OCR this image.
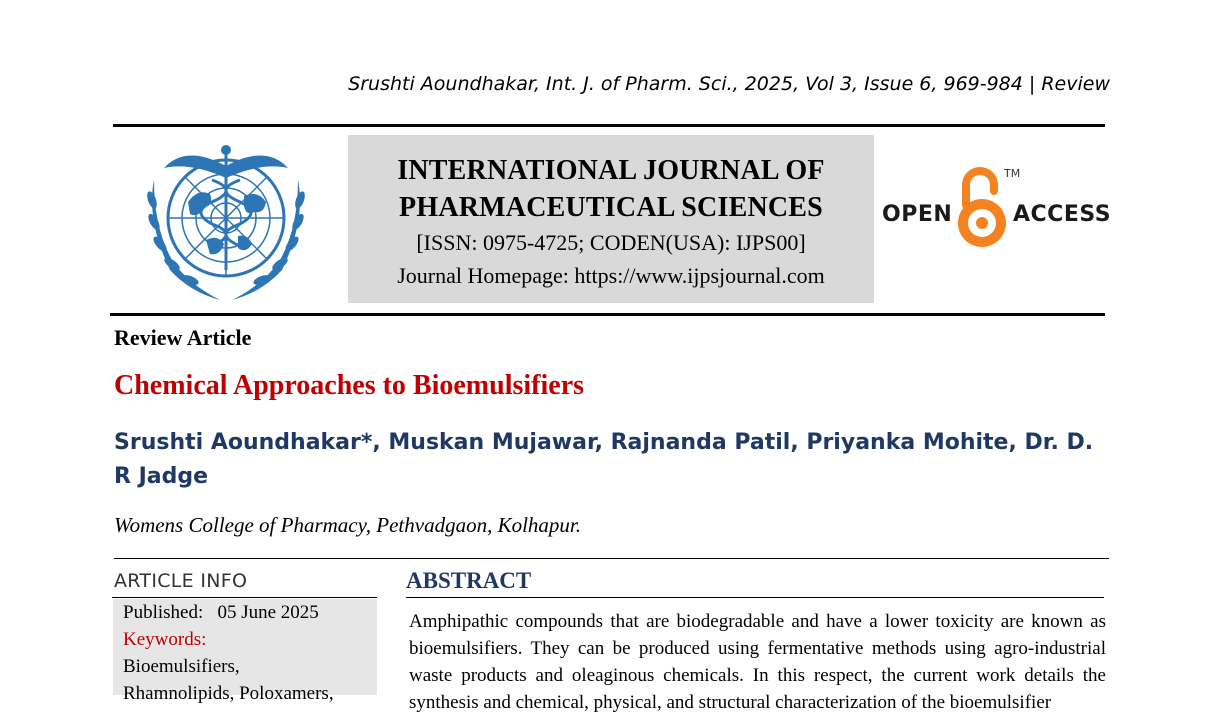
Srushti Aoundhakar, Int. J. of Pharm. Sci., 2025, Vol 3, Issue 6, 969-984 | Review
INTERNATIONAL JOURNAL OF
PHARMACEUTICAL SCIENCES
[ISSN: 0975-4725; CODEN(USA): IJPS00]
Journal Homepage: https://www.ijpsjournal.com
OPEN
TM
ACCESS
Review Article
Chemical Approaches to Bioemulsifiers
Srushti Aoundhakar*, Muskan Mujawar, Rajnanda Patil, Priyanka Mohite, Dr. D. R Jadge
Womens College of Pharmacy, Pethvadgaon, Kolhapur.
ARTICLE INFO
Published: 05 June 2025
Keywords:
Bioemulsifiers,
Rhamnolipids, Poloxamers,
ABSTRACT
Amphipathic compounds that are biodegradable and have a lower toxicity are known as bioemulsifiers. They can be produced using fermentative methods using agro-industrial waste products and oleaginous chemicals. In this respect, the current work details the synthesis and chemical, physical, and structural characterization of the bioemulsifier
